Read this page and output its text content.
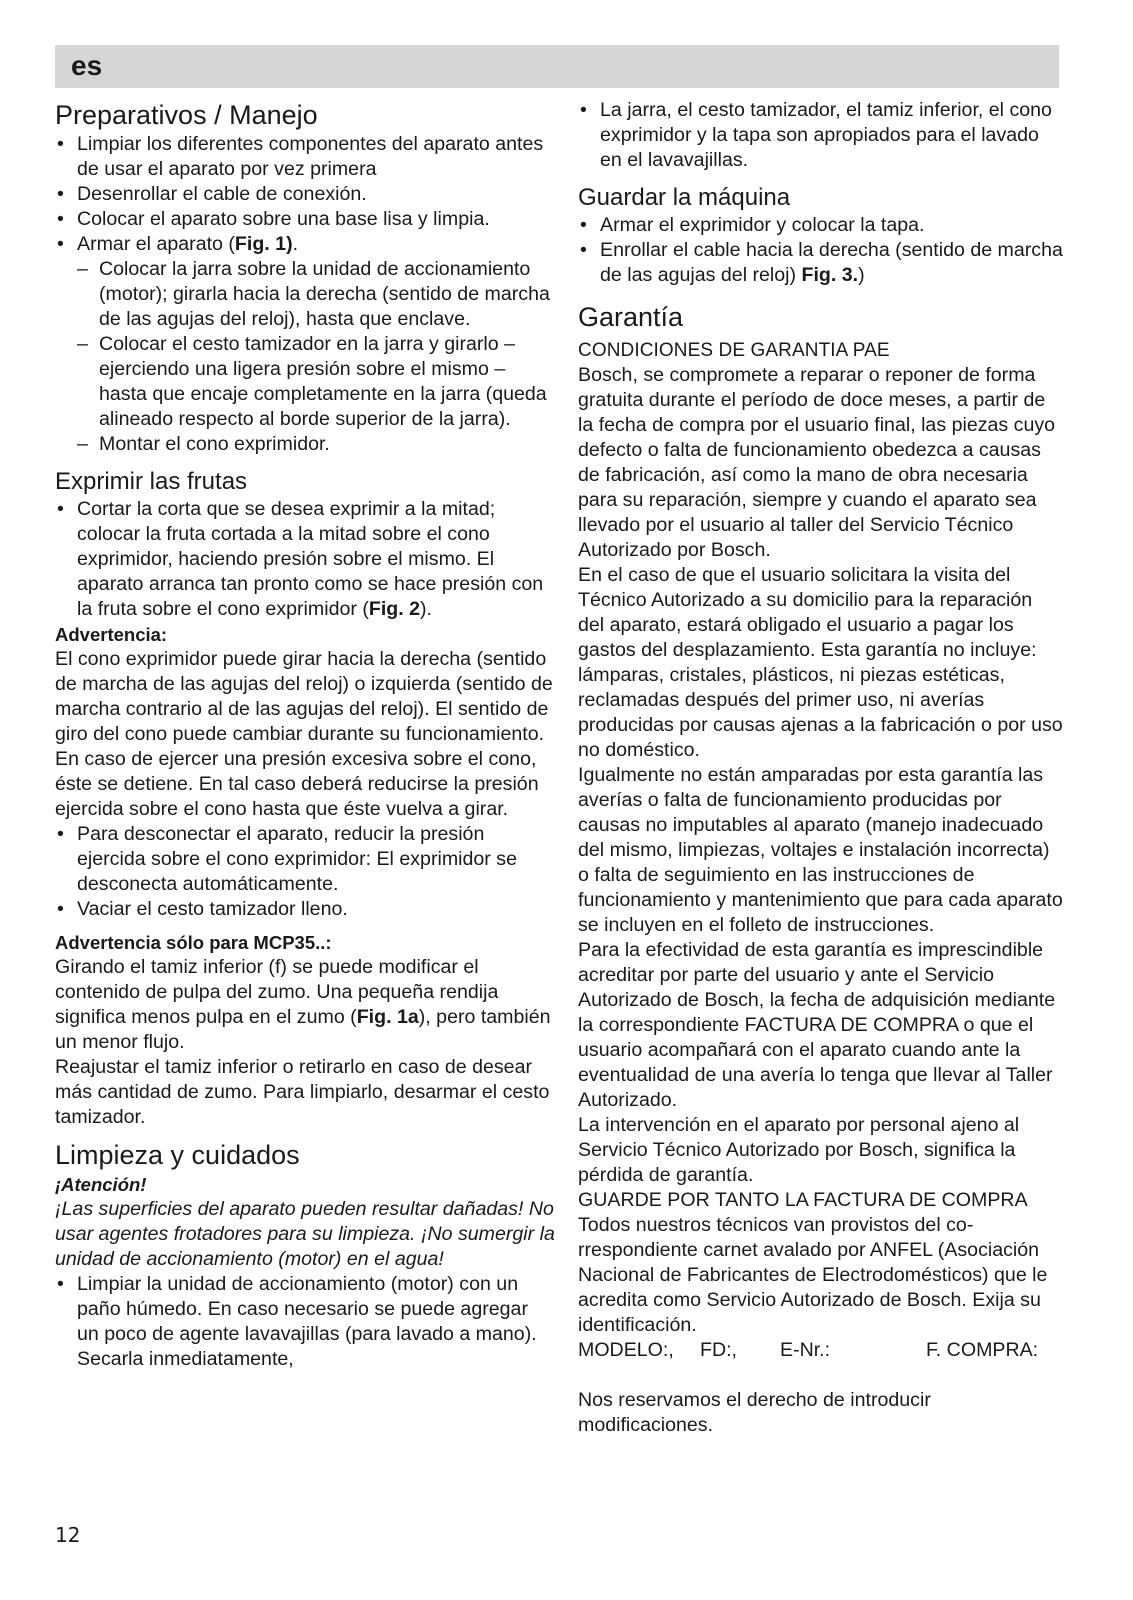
es
Preparativos / Manejo
• Limpiar los diferentes componentes del aparato antes de usar el aparato por vez primera
• Desenrollar el cable de conexión.
• Colocar el aparato sobre una base lisa y limpia.
• Armar el aparato (Fig. 1).
– Colocar la jarra sobre la unidad de accionamiento (motor); girarla hacia la derecha (sentido de marcha de las agujas del reloj), hasta que enclave.
– Colocar el cesto tamizador en la jarra y girarlo – ejerciendo una ligera presión sobre el mismo – hasta que encaje completamente en la jarra (queda alineado respecto al borde superior de la jarra).
– Montar el cono exprimidor.
Exprimir las frutas
• Cortar la corta que se desea exprimir a la mitad; colocar la fruta cortada a la mitad sobre el cono exprimidor, haciendo presión sobre el mismo. El aparato arranca tan pronto como se hace presión con la fruta sobre el cono exprimidor (Fig. 2).

Advertencia:

El cono exprimidor puede girar hacia la derecha (sentido de marcha de las agujas del reloj) o izquierda (sentido de marcha contrario al de las agujas del reloj). El sentido de giro del cono puede cambiar durante su funcionamiento.

En caso de ejercer una presión excesiva sobre el cono, éste se detiene. En tal caso deberá reducirse la presión ejercida sobre el cono hasta que éste vuelva a girar.

• Para desconectar el aparato, reducir la presión ejercida sobre el cono exprimidor: El exprimidor se desconecta automáticamente.
• Vaciar el cesto tamizador lleno.

Advertencia sólo para MCP35..:

Girando el tamiz inferior (f) se puede modificar el contenido de pulpa del zumo. Una pequeña rendija significa menos pulpa en el zumo (Fig. 1a), pero también un menor flujo.

Reajustar el tamiz inferior o retirarlo en caso de desear más cantidad de zumo. Para limpiarlo, desarmar el cesto tamizador.

Limpieza y cuidados

¡Atención!

¡Las superficies del aparato pueden resultar dañadas! No usar agentes frotadores para su limpieza. ¡No sumergir la unidad de accionamiento (motor) en el agua!

• Limpiar la unidad de accionamiento (motor) con un paño húmedo. En caso necesario se puede agregar un poco de agente lavavajillas (para lavado a mano). Secarla inmediatamente,
• La jarra, el cesto tamizador, el tamiz inferior, el cono exprimidor y la tapa son apropiados para el lavado en el lavavajillas.
Guardar la máquina
• Armar el exprimidor y colocar la tapa.
• Enrollar el cable hacia la derecha (sentido de marcha de las agujas del reloj) Fig. 3.)
Garantía

CONDICIONES DE GARANTIA PAE

Bosch, se compromete a reparar o reponer de forma gratuita durante el período de doce meses, a partir de la fecha de compra por el usuario final, las piezas cuyo defecto o falta de funcionamiento obedezca a causas de fabricación, así como la mano de obra necesaria para su reparación, siempre y cuando el aparato sea llevado por el usuario al taller del Servicio Técnico Autorizado por Bosch.

En el caso de que el usuario solicitara la visita del Técnico Autorizado a su domicilio para la reparación del aparato, estará obligado el usuario a pagar los gastos del desplazamiento. Esta garantía no incluye: lámparas, cristales, plásticos, ni piezas estéticas, reclamadas después del primer uso, ni averías producidas por causas ajenas a la fabricación o por uso no doméstico.

Igualmente no están amparadas por esta garantía las averías o falta de funcionamiento producidas por causas no imputables al aparato (manejo inadecuado del mismo, limpiezas, voltajes e instalación incorrecta) o falta de seguimiento en las instrucciones de funcionamiento y mantenimiento que para cada aparato se incluyen en el folleto de instrucciones.

Para la efectividad de esta garantía es imprescindible acreditar por parte del usuario y ante el Servicio Autorizado de Bosch, la fecha de adquisición mediante la correspondiente FACTURA DE COMPRA o que el usuario acompañará con el aparato cuando ante la eventualidad de una avería lo tenga que llevar al Taller Autorizado.

La intervención en el aparato por personal ajeno al Servicio Técnico Autorizado por Bosch, significa la pérdida de garantía.

GUARDE POR TANTO LA FACTURA DE COMPRA

Todos nuestros técnicos van provistos del correspondiente carnet avalado por ANFEL (Asociación Nacional de Fabricantes de Electrodomésticos) que le acredita como Servicio Autorizado de Bosch. Exija su identificación.

MODELO:,	FD:,	E-Nr.:	F. COMPRA:

Nos reservamos el derecho de introducir modificaciones.

12
